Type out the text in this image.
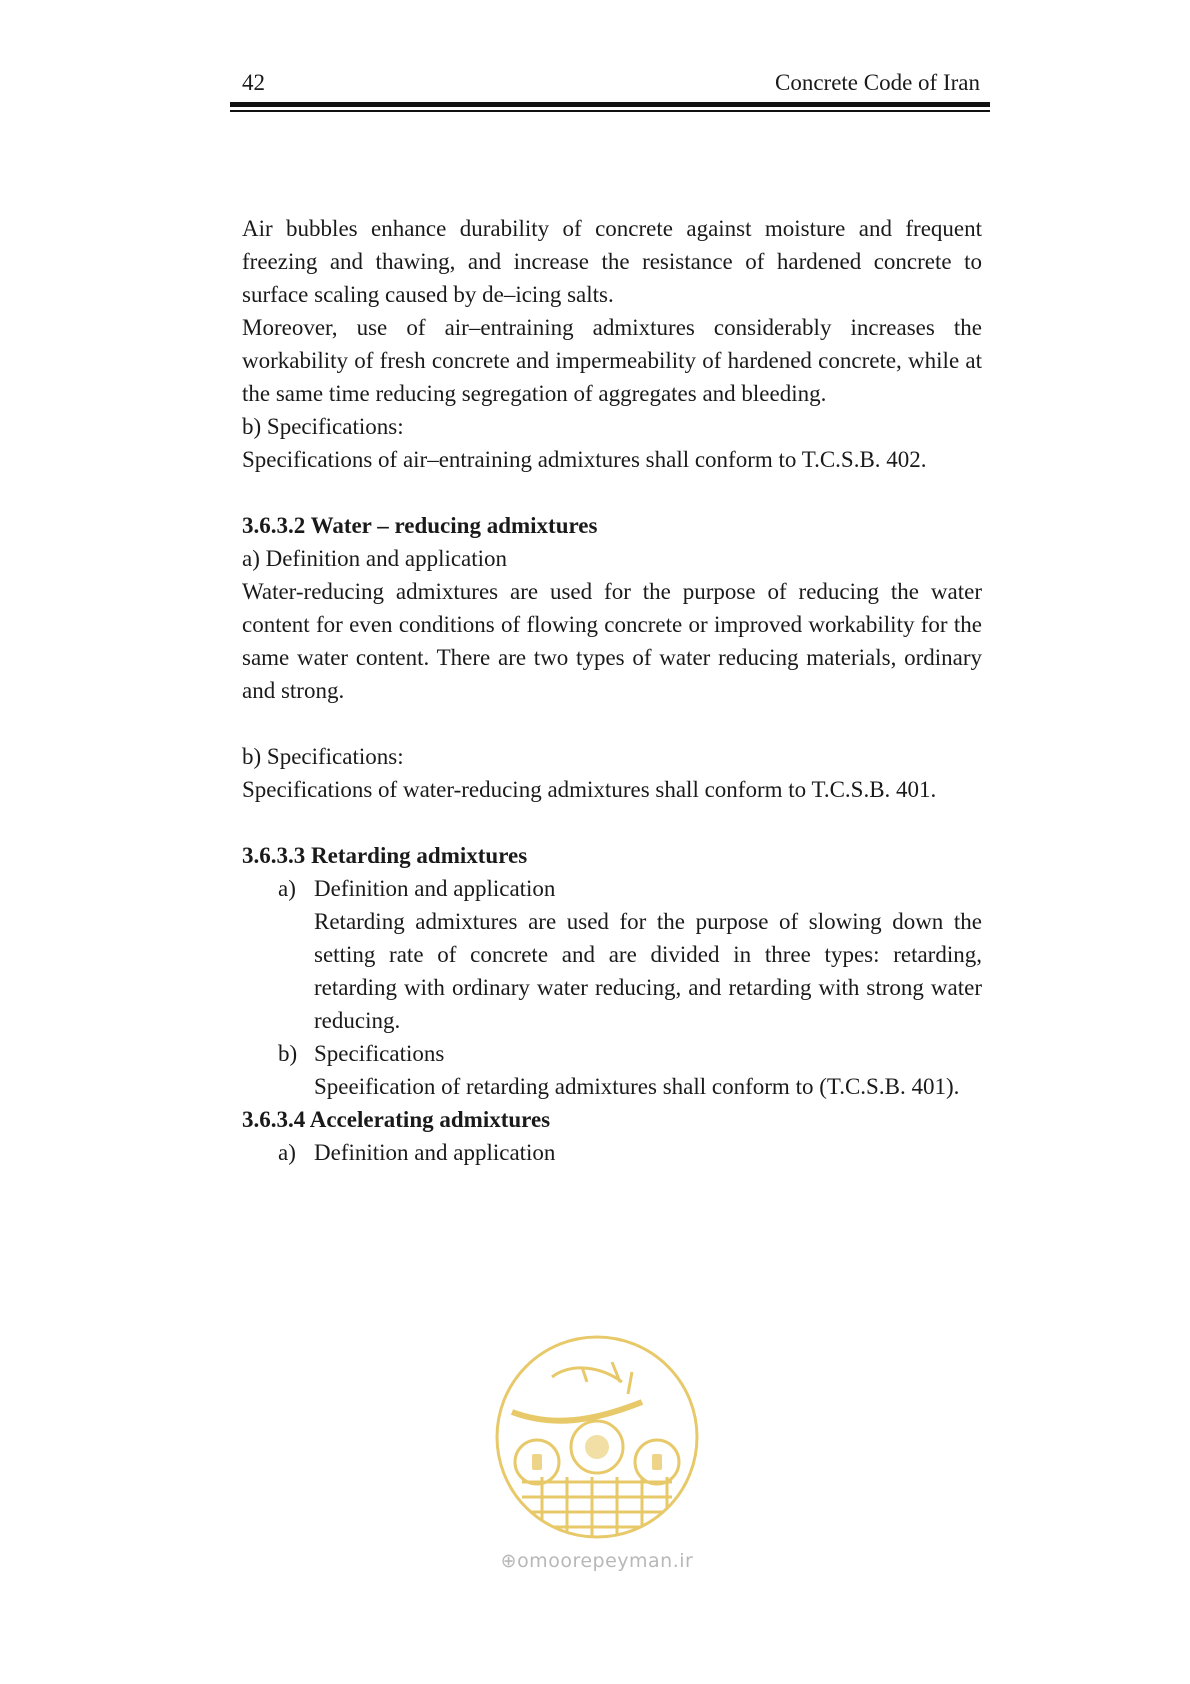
42	Concrete Code of Iran

Air bubbles enhance durability of concrete against moisture and frequent freezing and thawing, and increase the resistance of hardened concrete to surface scaling caused by de–icing salts.

Moreover, use of air–entraining admixtures considerably increases the workability of fresh concrete and impermeability of hardened concrete, while at the same time reducing segregation of aggregates and bleeding.

b) Specifications:

Specifications of air–entraining admixtures shall conform to T.C.S.B. 402.

3.6.3.2 Water – reducing admixtures

a) Definition and application

Water-reducing admixtures are used for the purpose of reducing the water content for even conditions of flowing concrete or improved workability for the same water content. There are two types of water reducing materials, ordinary and strong.

b) Specifications:

Specifications of water-reducing admixtures shall conform to T.C.S.B. 401.

3.6.3.3 Retarding admixtures

a) Definition and application

Retarding admixtures are used for the purpose of slowing down the setting rate of concrete and are divided in three types: retarding, retarding with ordinary water reducing, and retarding with strong water reducing.

b) Specifications

Speeification of retarding admixtures shall conform to (T.C.S.B. 401).

3.6.3.4 Accelerating admixtures

a) Definition and application

⊕omoorepeyman.ir
